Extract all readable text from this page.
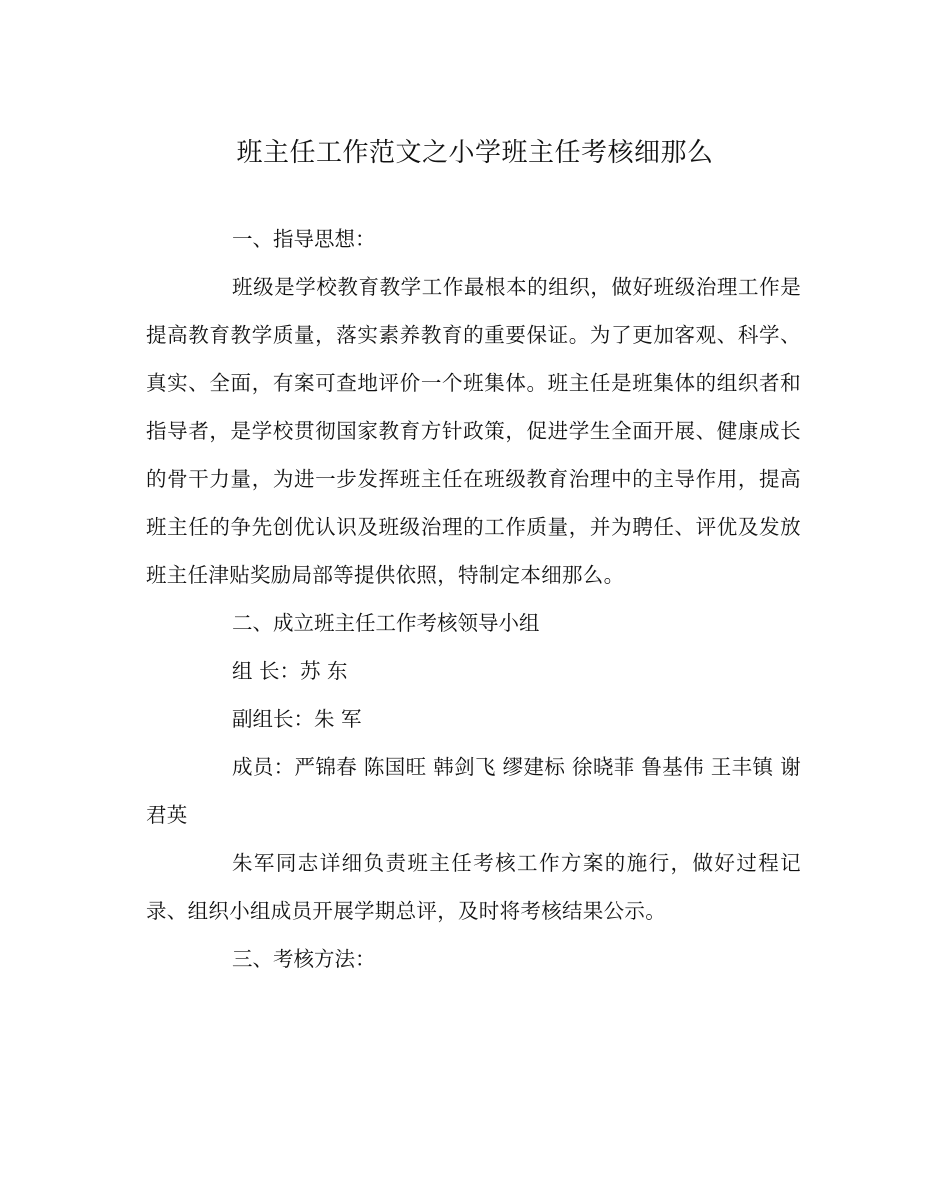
班主任工作范文之小学班主任考核细那么

一、指导思想：

班级是学校教育教学工作最根本的组织，做好班级治理工作是提高教育教学质量，落实素养教育的重要保证。为了更加客观、科学、真实、全面，有案可查地评价一个班集体。班主任是班集体的组织者和指导者，是学校贯彻国家教育方针政策，促进学生全面开展、健康成长的骨干力量，为进一步发挥班主任在班级教育治理中的主导作用，提高班主任的争先创优认识及班级治理的工作质量，并为聘任、评优及发放班主任津贴奖励局部等提供依照，特制定本细那么。

二、成立班主任工作考核领导小组

组 长：苏 东

副组长：朱 军

成员：严锦春 陈国旺 韩剑飞 缪建标 徐晓菲 鲁基伟 王丰镇 谢君英

朱军同志详细负责班主任考核工作方案的施行，做好过程记录、组织小组成员开展学期总评，及时将考核结果公示。

三、考核方法：
